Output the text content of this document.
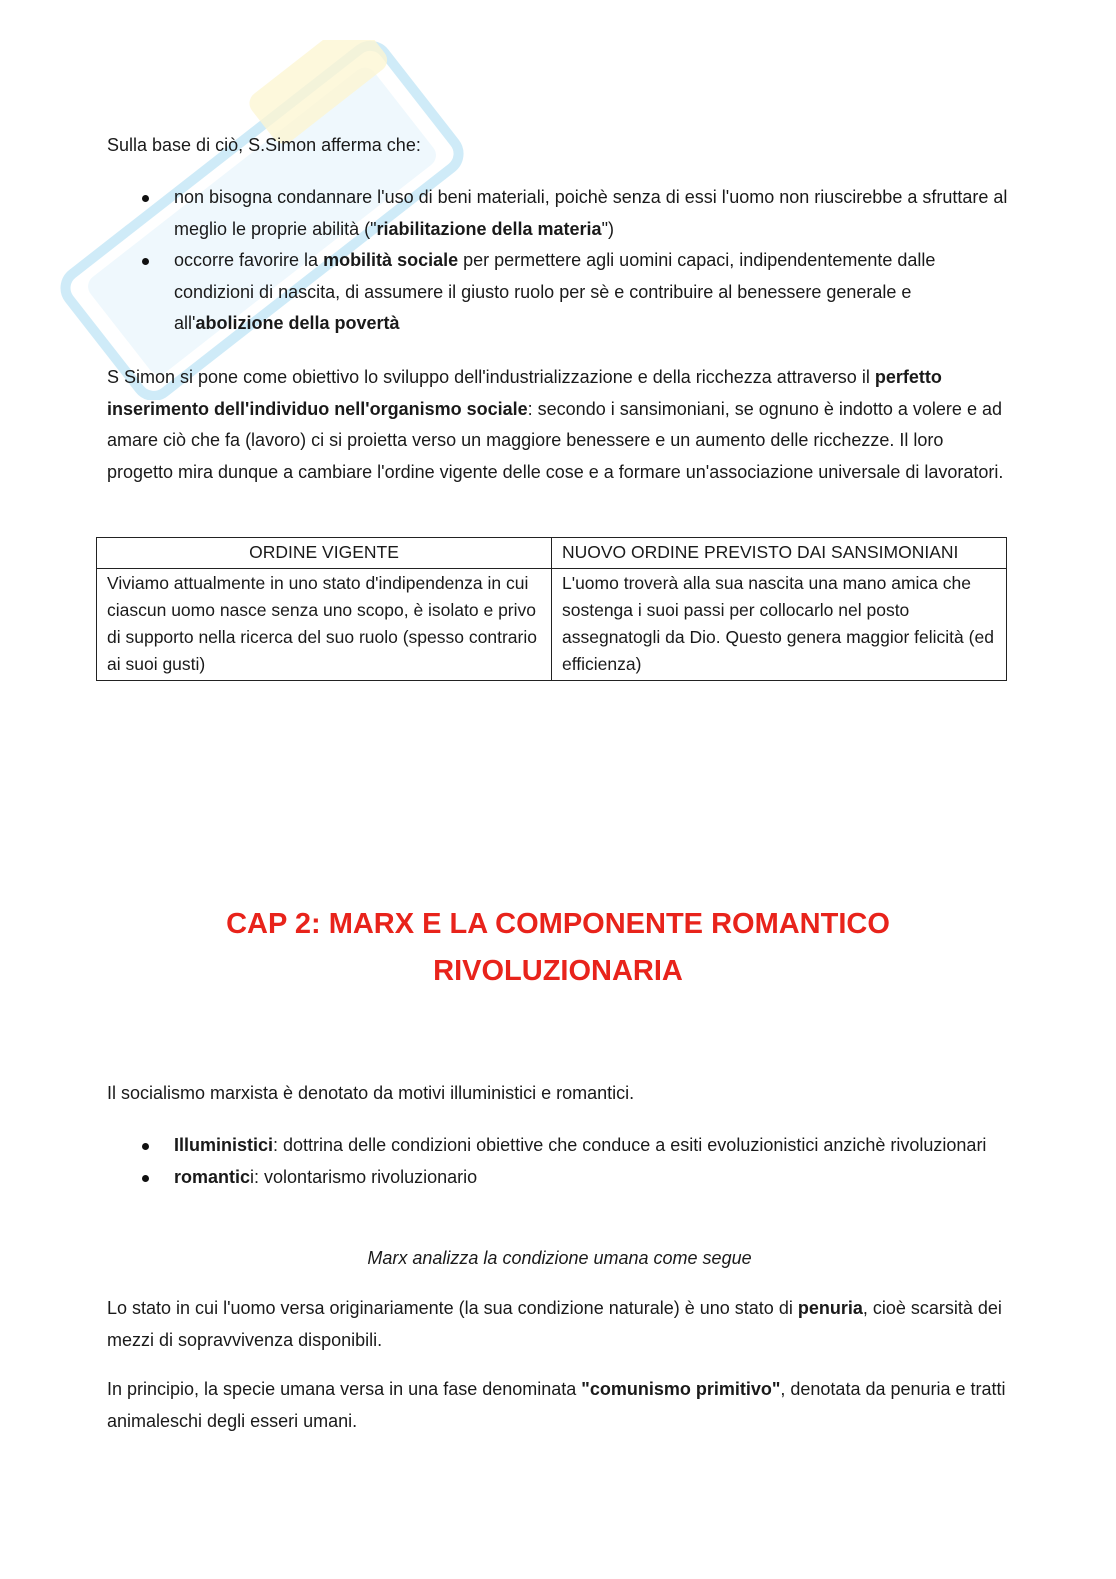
Sulla base di ciò, S.Simon afferma che:

non bisogna condannare l'uso di beni materiali, poichè senza di essi l'uomo non riuscirebbe a sfruttare al meglio le proprie abilità ("riabilitazione della materia")
occorre favorire la mobilità sociale per permettere agli uomini capaci, indipendentemente dalle condizioni di nascita, di assumere il giusto ruolo per sè e contribuire al benessere generale e all'abolizione della povertà

S Simon si pone come obiettivo lo sviluppo dell'industrializzazione e della ricchezza attraverso il perfetto inserimento dell'individuo nell'organismo sociale: secondo i sansimoniani, se ognuno è indotto a volere e ad amare ciò che fa (lavoro) ci si proietta verso un maggiore benessere e un aumento delle ricchezze. Il loro progetto mira dunque a cambiare l'ordine vigente delle cose e a formare un'associazione universale di lavoratori.

ORDINE VIGENTE	NUOVO ORDINE PREVISTO DAI SANSIMONIANI
Viviamo attualmente in uno stato d'indipendenza in cui ciascun uomo nasce senza uno scopo, è isolato e privo di supporto nella ricerca del suo ruolo (spesso contrario ai suoi gusti)	L'uomo troverà alla sua nascita una mano amica che sostenga i suoi passi per collocarlo nel posto assegnatogli da Dio. Questo genera maggior felicità (ed efficienza)
CAP 2: MARX E LA COMPONENTE ROMANTICO RIVOLUZIONARIA

Il socialismo marxista è denotato da motivi illuministici e romantici.

Illuministici: dottrina delle condizioni obiettive che conduce a esiti evoluzionistici anzichè rivoluzionari
romantici: volontarismo rivoluzionario

Marx analizza la condizione umana come segue

Lo stato in cui l'uomo versa originariamente (la sua condizione naturale) è uno stato di penuria, cioè scarsità dei mezzi di sopravvivenza disponibili.

In principio, la specie umana versa in una fase denominata "comunismo primitivo", denotata da penuria e tratti animaleschi degli esseri umani.
